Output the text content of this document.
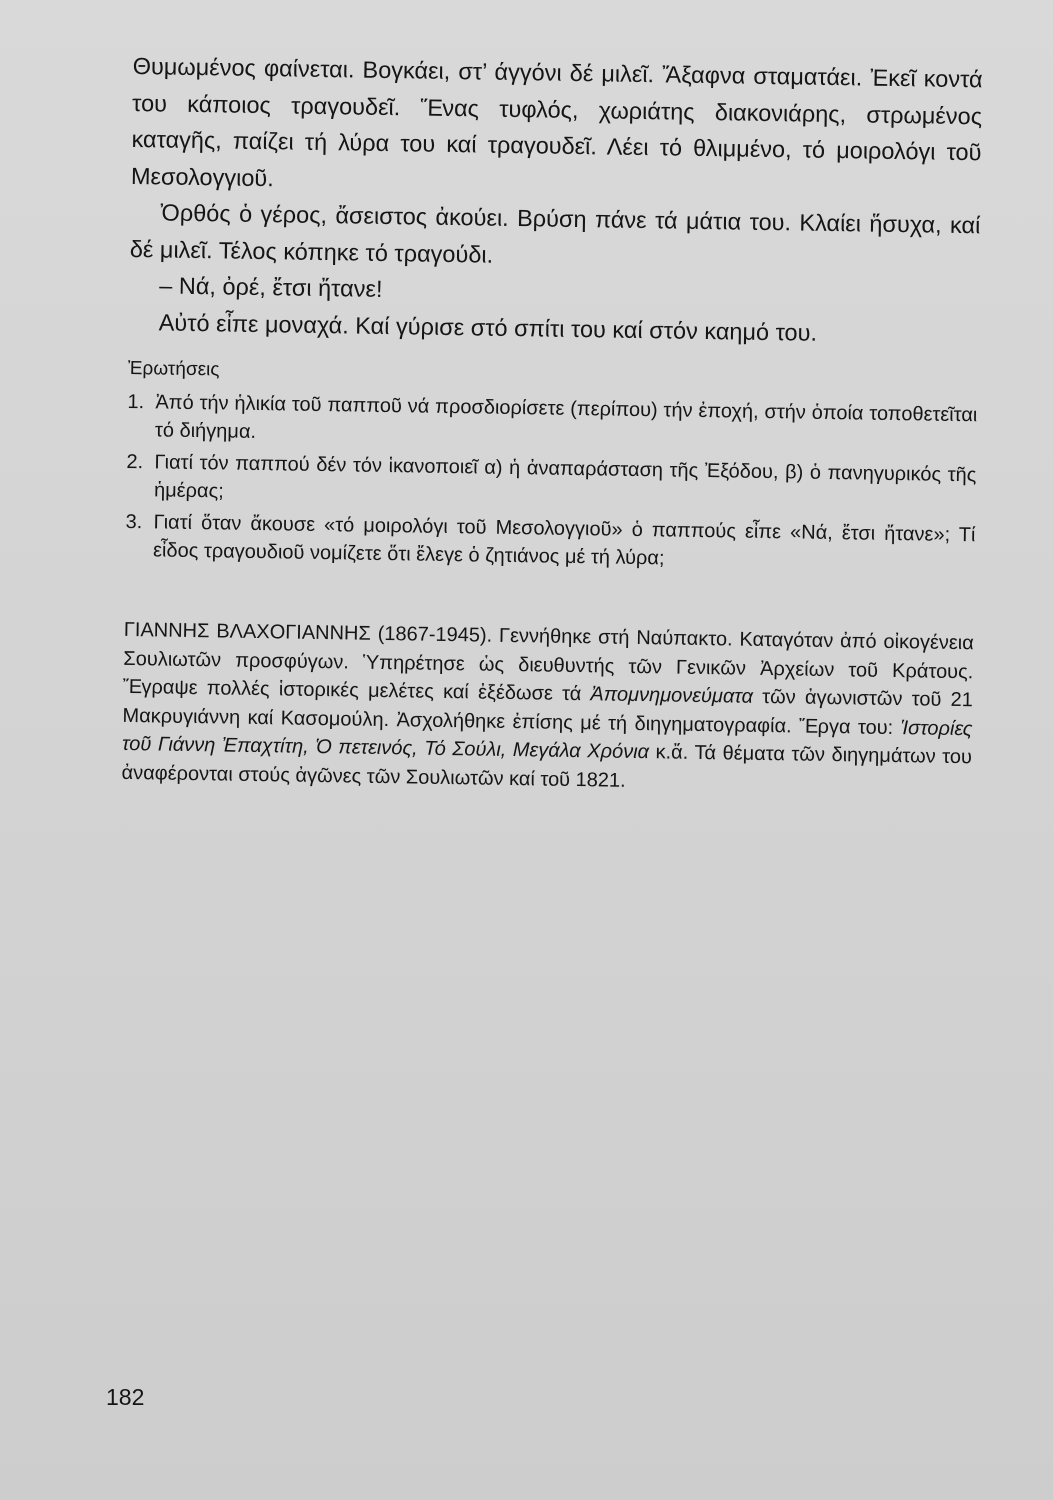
Θυμωμένος φαίνεται. Βογκάει, στ’ άγγόνι δέ μιλεῖ. Ἄξαφνα σταματάει. Ἐκεῖ κοντά του κάποιος τραγουδεῖ. Ἕνας τυφλός, χωριάτης διακονιάρης, στρωμένος καταγῆς, παίζει τή λύρα του καί τραγουδεῖ. Λέει τό θλιμμένο, τό μοιρολόγι τοῦ Μεσολογγιοῦ.

Ὀρθός ὁ γέρος, ἄσειστος ἀκούει. Βρύση πάνε τά μάτια του. Κλαίει ἥσυχα, καί δέ μιλεῖ. Τέλος κόπηκε τό τραγούδι.

– Νά, ὀρέ, ἔτσι ἤτανε!

Αὐτό εἶπε μοναχά. Καί γύρισε στό σπίτι του καί στόν καημό του.

Ἐρωτήσεις
1. Ἀπό τήν ἡλικία τοῦ παπποῦ νά προσδιορίσετε (περίπου) τήν ἐποχή, στήν ὁποία τοποθετεῖται τό διήγημα.
2. Γιατί τόν παππού δέν τόν ἱκανοποιεῖ α) ἡ ἀναπαράσταση τῆς Ἐξόδου, β) ὁ πανηγυρικός τῆς ἡμέρας;
3. Γιατί ὅταν ἄκουσε «τό μοιρολόγι τοῦ Μεσολογγιοῦ» ὁ παππούς εἶπε «Νά, ἔτσι ἤτανε»; Τί εἶδος τραγουδιοῦ νομίζετε ὅτι ἔλεγε ὁ ζητιάνος μέ τή λύρα;
ΓΙΑΝΝΗΣ ΒΛΑΧΟΓΙΑΝΝΗΣ (1867-1945). Γεννήθηκε στή Ναύπακτο. Καταγόταν ἀπό οἰκογένεια Σουλιωτῶν προσφύγων. Ὑπηρέτησε ὡς διευθυντής τῶν Γενικῶν Ἀρχείων τοῦ Κράτους. Ἔγραψε πολλές ἱστορικές μελέτες καί ἐξέδωσε τά Ἀπομνημονεύματα τῶν ἀγωνιστῶν τοῦ 21 Μακρυγιάννη καί Κασομούλη. Ἀσχολήθηκε ἐπίσης μέ τή διηγηματογραφία. Ἔργα του: Ἱστορίες τοῦ Γιάννη Ἐπαχτίτη, Ὁ πετεινός, Τό Σούλι, Μεγάλα Χρόνια κ.ἄ. Τά θέματα τῶν διηγημάτων του ἀναφέρονται στούς ἀγῶνες τῶν Σουλιωτῶν καί τοῦ 1821.
182
